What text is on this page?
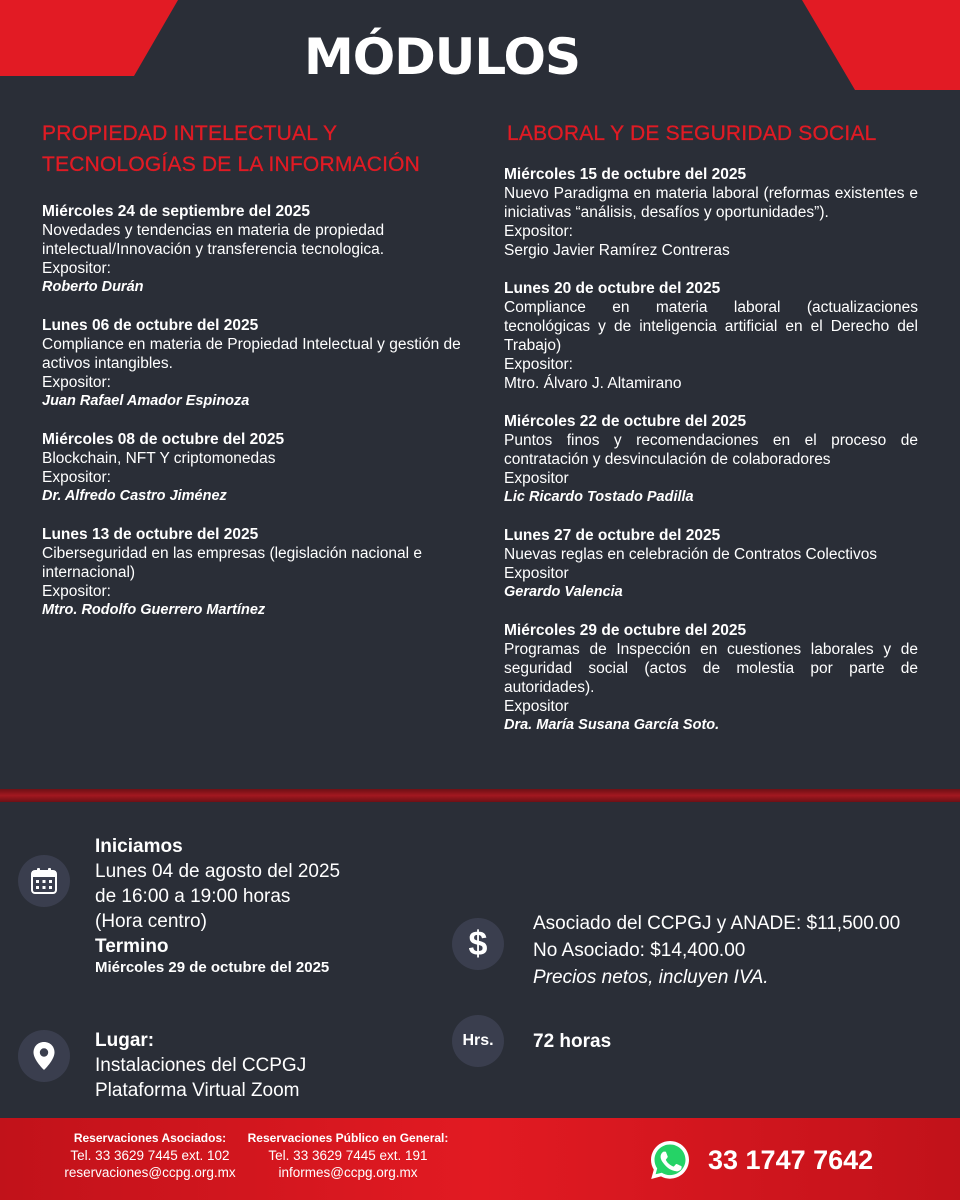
MÓDULOS
PROPIEDAD INTELECTUAL Y
TECNOLOGÍAS DE LA INFORMACIÓN
Miércoles 24 de septiembre del 2025
Novedades y tendencias en materia de propiedad intelectual/Innovación y transferencia tecnologica.
Expositor:
Roberto Durán
Lunes 06 de octubre del 2025
Compliance en materia de Propiedad Intelectual y gestión de activos intangibles.
Expositor:
Juan Rafael Amador Espinoza
Miércoles 08 de octubre del 2025
Blockchain, NFT Y criptomonedas
Expositor:
Dr. Alfredo Castro Jiménez
Lunes 13 de octubre del 2025
Ciberseguridad en las empresas (legislación nacional e internacional)
Expositor:
Mtro. Rodolfo Guerrero Martínez
LABORAL Y DE SEGURIDAD SOCIAL
Miércoles 15 de octubre del 2025
Nuevo Paradigma en materia laboral (reformas existentes e iniciativas “análisis, desafíos y oportunidades”).
Expositor:
Sergio Javier Ramírez Contreras
Lunes 20 de octubre del 2025
Compliance en materia laboral (actualizaciones tecnológicas y de inteligencia artificial en el Derecho del Trabajo)
Expositor:
Mtro. Álvaro J. Altamirano
Miércoles 22 de octubre del 2025
Puntos finos y recomendaciones en el proceso de contratación y desvinculación de colaboradores
Expositor
Lic Ricardo Tostado Padilla
Lunes 27 de octubre del 2025
Nuevas reglas en celebración de Contratos Colectivos
Expositor
Gerardo Valencia
Miércoles 29 de octubre del 2025
Programas de Inspección en cuestiones laborales y de seguridad social (actos de molestia por parte de autoridades).
Expositor
Dra. María Susana García Soto.
Iniciamos
Lunes 04 de agosto del 2025
de 16:00 a 19:00 horas
(Hora centro)
Termino
Miércoles 29 de octubre del 2025
Lugar:
Instalaciones del CCPGJ
Plataforma Virtual Zoom
$
Asociado del CCPGJ y ANADE: $11,500.00
No Asociado: $14,400.00
Precios netos, incluyen IVA.
Hrs.	72 horas
Reservaciones Asociados:
Tel. 33 3629 7445 ext. 102
reservaciones@ccpg.org.mx
Reservaciones Público en General:
Tel. 33 3629 7445 ext. 191
informes@ccpg.org.mx	33 1747 7642
